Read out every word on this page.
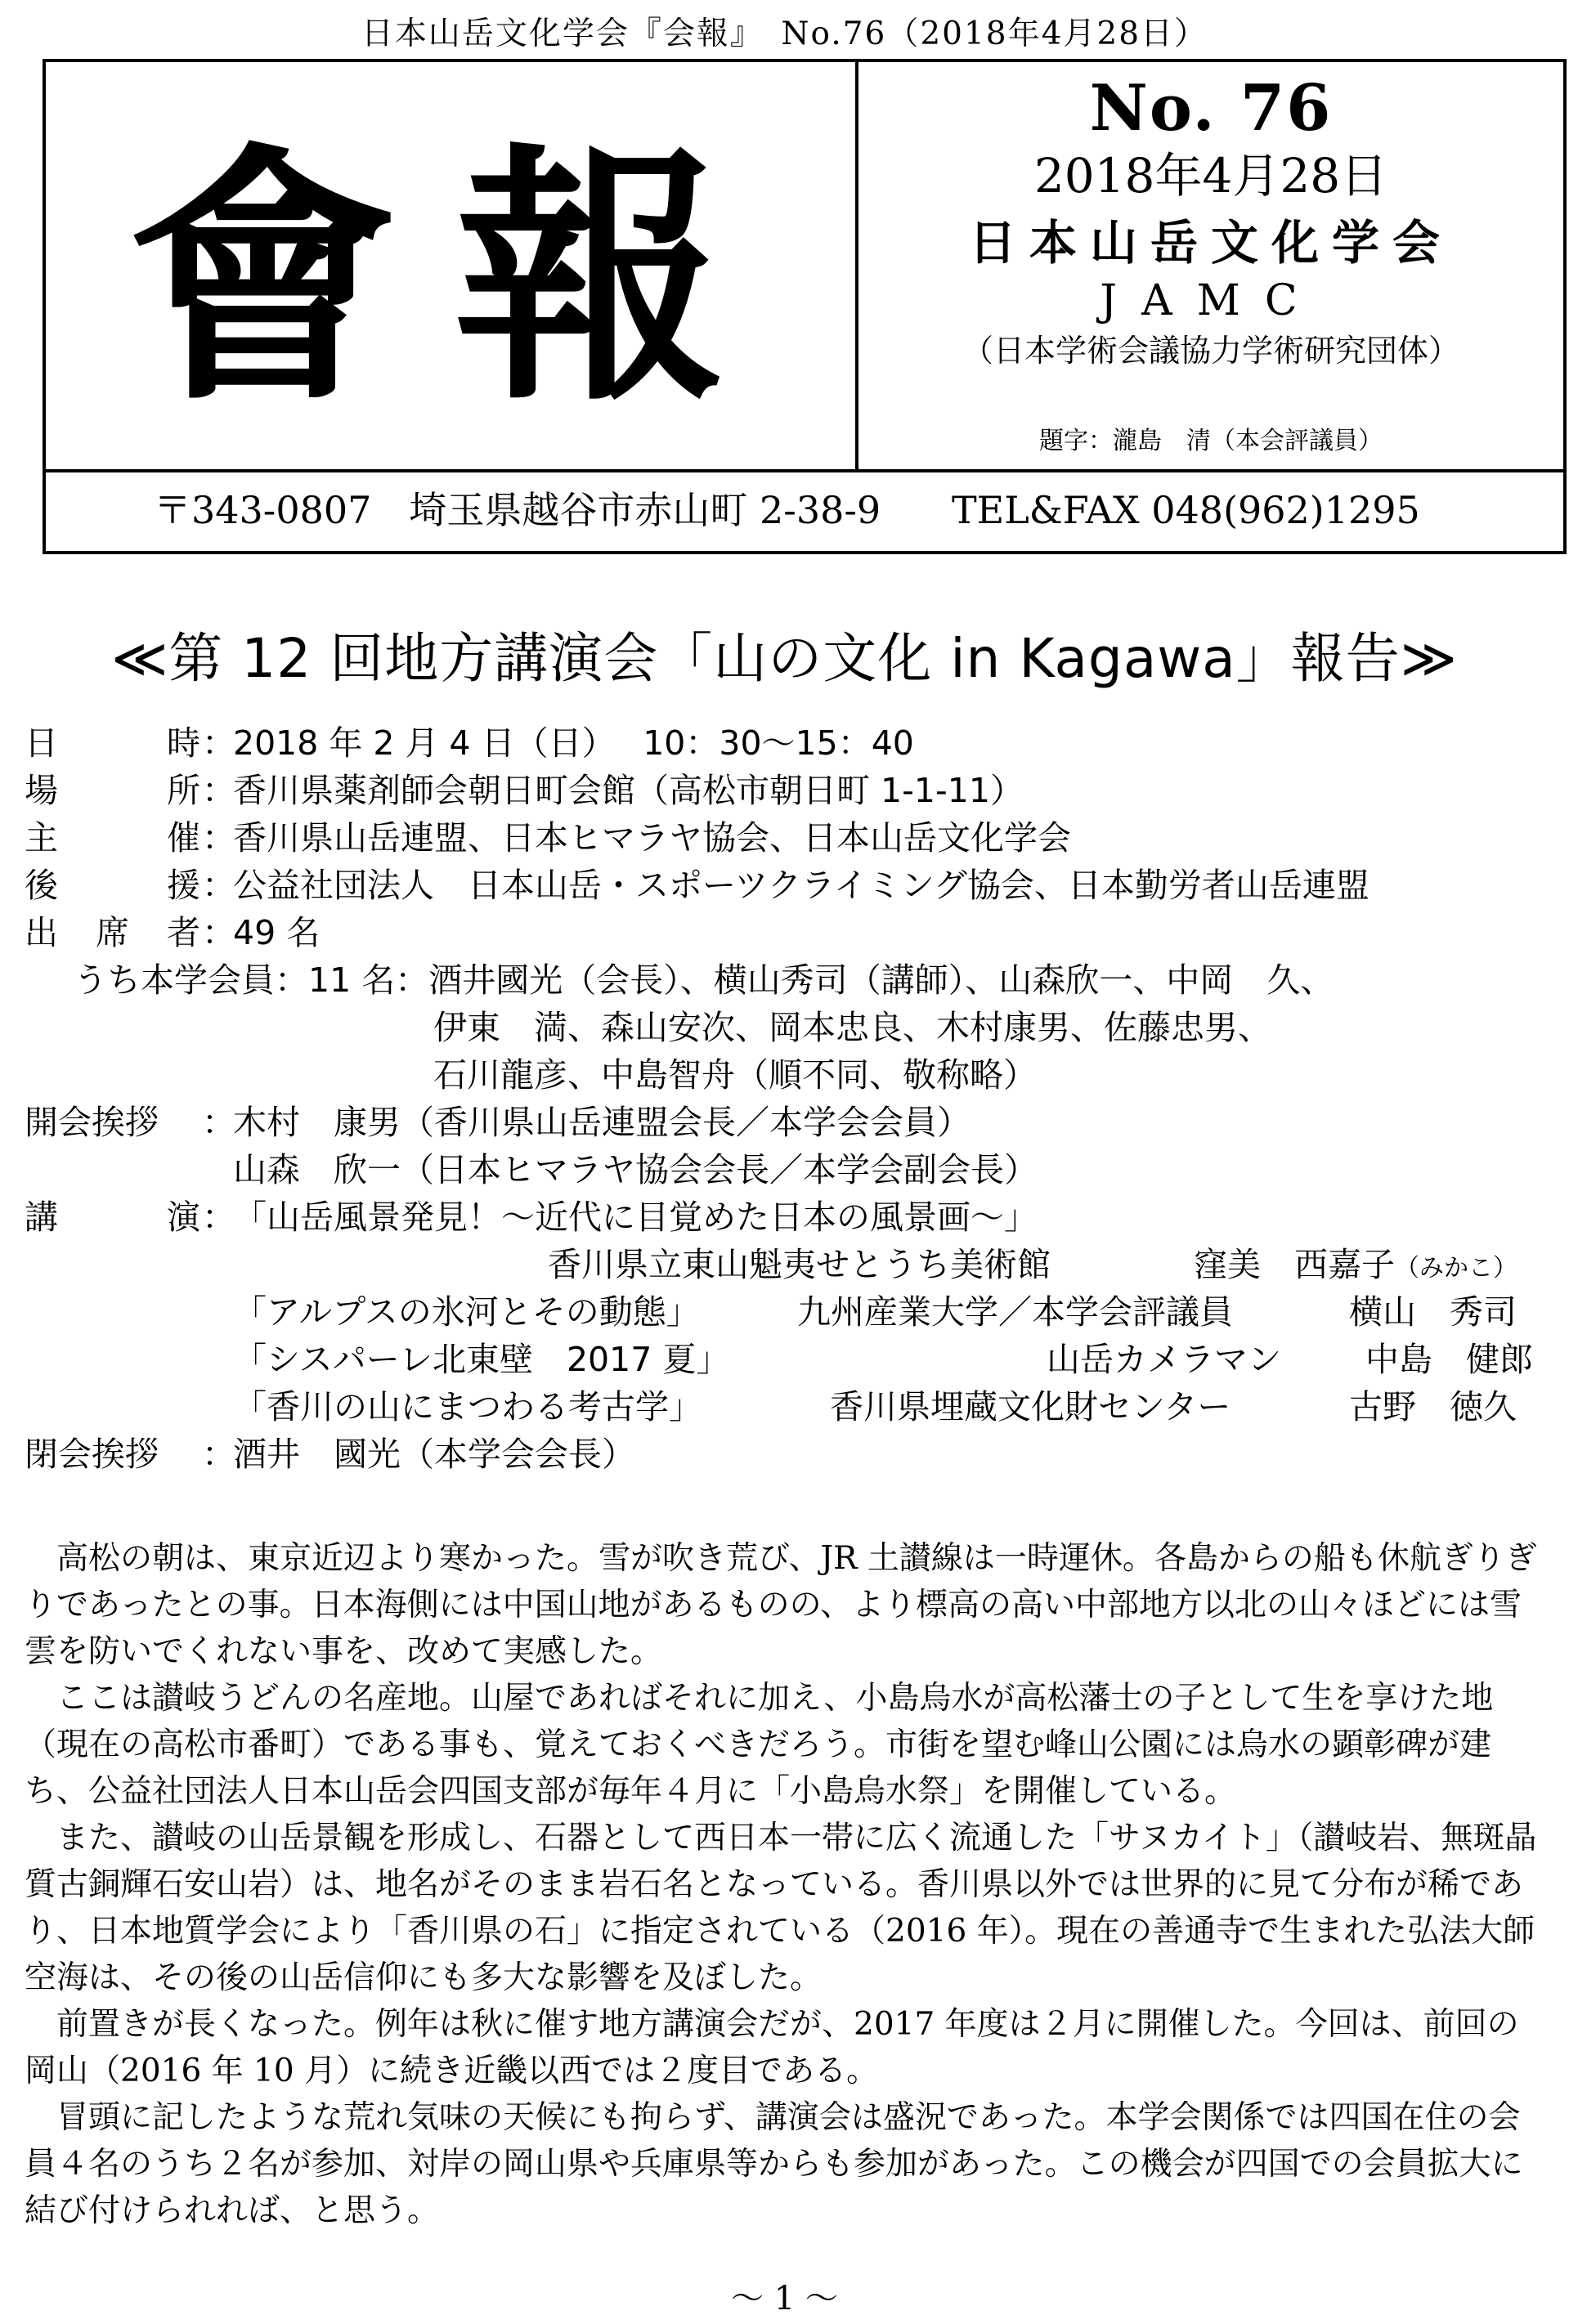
日本山岳文化学会『会報』　No.76（2018年4月28日）
會報
No. 76
2018年4月28日
日本山岳文化学会
JAMC
（日本学術会議協力学術研究団体）
題字：瀧島　清（本会評議員）
〒343-0807　埼玉県越谷市赤山町 2-38-9 TEL&FAX 048(962)1295
≪第 12 回地方講演会「山の文化 in Kagawa」報告≫
日	時 ：
2018 年 2 月 4 日（日）　 10：30～15：40
場	所 ：
香川県薬剤師会朝日町会館（高松市朝日町 1-1-11）
主	催 ：
香川県山岳連盟、日本ヒマラヤ協会、日本山岳文化学会
後	援 ：
公益社団法人　日本山岳・スポーツクライミング協会、日本勤労者山岳連盟
出 席 者 ：
49 名
うち本学会員：11 名：酒井國光（会長）、横山秀司（講師）、山森欣一、中岡　久、
伊東　満、森山安次、岡本忠良、木村康男、佐藤忠男、
石川龍彦、中島智舟（順不同、敬称略）
開会挨拶 ：
木村　康男（香川県山岳連盟会長／本学会会員）
山森　欣一（日本ヒマラヤ協会会長／本学会副会長）
講	演 ：
「山岳風景発見！～近代に目覚めた日本の風景画～」
香川県立東山魁夷せとうち美術館	窪美　西嘉子（みかこ）
「アルプスの氷河とその動態」	九州産業大学／本学会評議員	横山　秀司
「シスパーレ北東壁　2017 夏」	山岳カメラマン	中島　健郎
「香川の山にまつわる考古学」	香川県埋蔵文化財センター	古野　徳久
閉会挨拶 ：
酒井　國光（本学会会長）

高松の朝は、東京近辺より寒かった。雪が吹き荒び、JR 土讃線は一時運休。各島からの船も休航ぎりぎりであったとの事。日本海側には中国山地があるものの、より標高の高い中部地方以北の山々ほどには雪雲を防いでくれない事を、改めて実感した。

ここは讃岐うどんの名産地。山屋であればそれに加え、小島烏水が高松藩士の子として生を享けた地（現在の高松市番町）である事も、覚えておくべきだろう。市街を望む峰山公園には烏水の顕彰碑が建ち、公益社団法人日本山岳会四国支部が毎年４月に「小島烏水祭」を開催している。

また、讃岐の山岳景観を形成し、石器として西日本一帯に広く流通した「サヌカイト」（讃岐岩、無斑晶質古銅輝石安山岩）は、地名がそのまま岩石名となっている。香川県以外では世界的に見て分布が稀であり、日本地質学会により「香川県の石」に指定されている（2016 年）。現在の善通寺で生まれた弘法大師空海は、その後の山岳信仰にも多大な影響を及ぼした。

前置きが長くなった。例年は秋に催す地方講演会だが、2017 年度は２月に開催した。今回は、前回の岡山（2016 年 10 月）に続き近畿以西では２度目である。

冒頭に記したような荒れ気味の天候にも拘らず、講演会は盛況であった。本学会関係では四国在住の会員４名のうち２名が参加、対岸の岡山県や兵庫県等からも参加があった。この機会が四国での会員拡大に結び付けられれば、と思う。

～ 1 ～
